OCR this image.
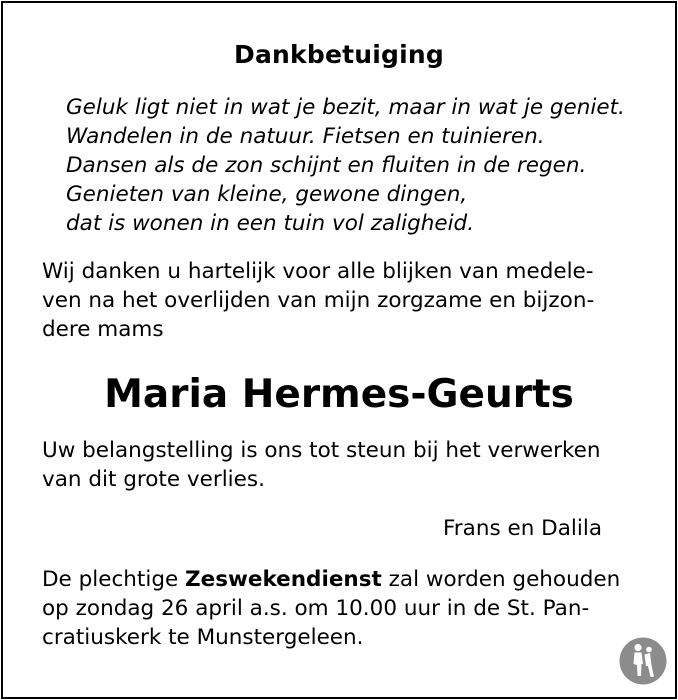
Dankbetuiging
Geluk ligt niet in wat je bezit, maar in wat je geniet.
Wandelen in de natuur. Fietsen en tuinieren.
Dansen als de zon schijnt en fluiten in de regen.
Genieten van kleine, gewone dingen,
dat is wonen in een tuin vol zaligheid.
Wij danken u hartelijk voor alle blijken van medele-
ven na het overlijden van mijn zorgzame en bijzon-
dere mams
Maria Hermes-Geurts
Uw belangstelling is ons tot steun bij het verwerken
van dit grote verlies.
Frans en Dalila
De plechtige Zeswekendienst zal worden gehouden
op zondag 26 april a.s. om 10.00 uur in de St. Pan-
cratiuskerk te Munstergeleen.
